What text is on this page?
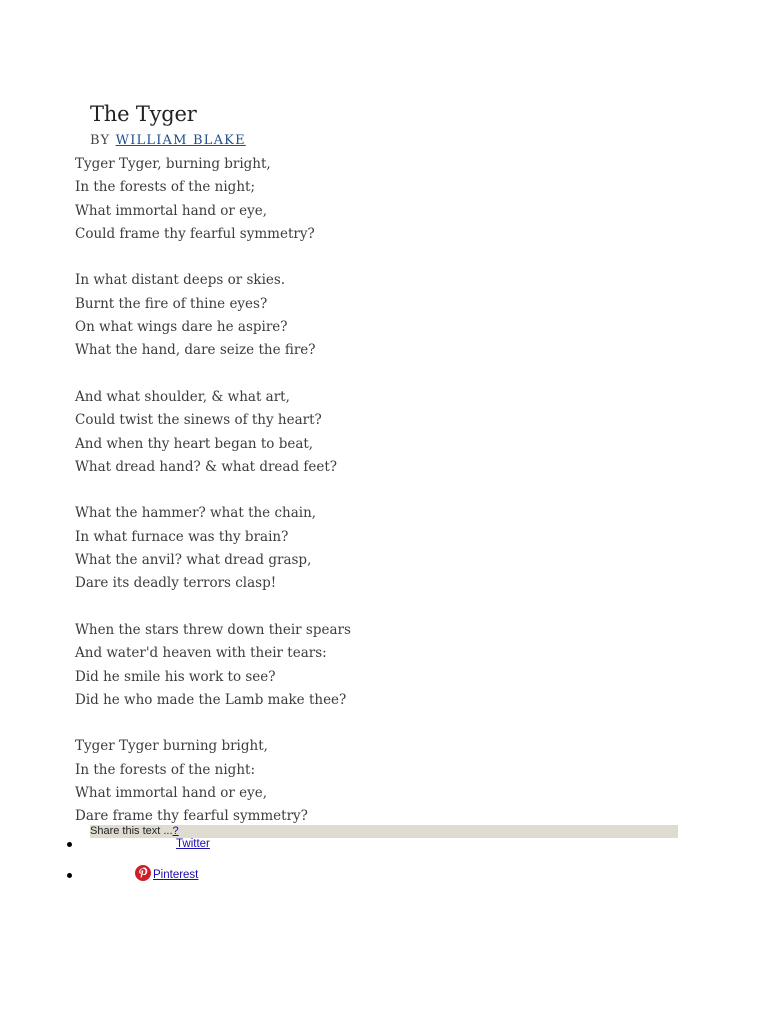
The Tyger
BY WILLIAM BLAKE
Tyger Tyger, burning bright,
In the forests of the night;
What immortal hand or eye,
Could frame thy fearful symmetry?
In what distant deeps or skies.
Burnt the fire of thine eyes?
On what wings dare he aspire?
What the hand, dare seize the fire?
And what shoulder, & what art,
Could twist the sinews of thy heart?
And when thy heart began to beat,
What dread hand? & what dread feet?
What the hammer? what the chain,
In what furnace was thy brain?
What the anvil? what dread grasp,
Dare its deadly terrors clasp!
When the stars threw down their spears
And water'd heaven with their tears:
Did he smile his work to see?
Did he who made the Lamb make thee?
Tyger Tyger burning bright,
In the forests of the night:
What immortal hand or eye,
Dare frame thy fearful symmetry?
Share this text ...?
Twitter
Pinterest
